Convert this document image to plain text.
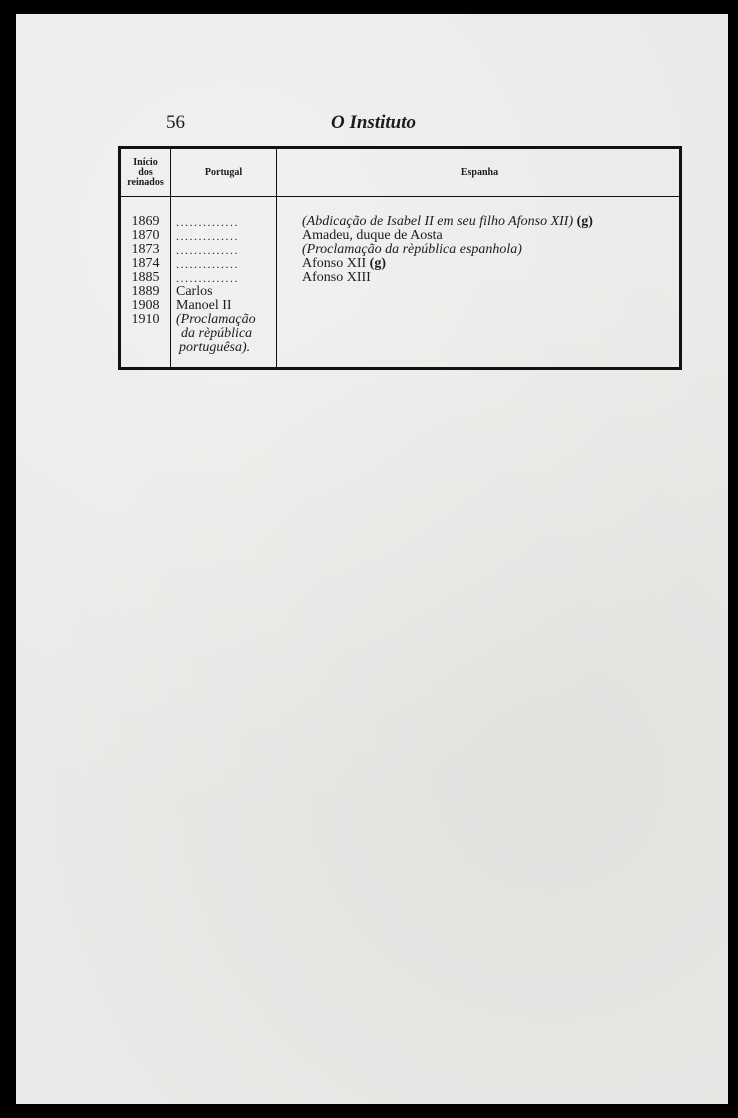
56	O Instituto
Início
dos
reinados
Portugal	Espanha
1869	..............	(Abdicação de Isabel II em seu filho Afonso XII) (g)
1870	..............	Amadeu, duque de Aosta
1873	..............	(Proclamação da rèpública espanhola)
1874	..............	Afonso XII (g)
1885	..............	Afonso XIII
1889	Carlos
1908	Manoel II
1910	(Proclamação
da rèpública
portuguêsa).
